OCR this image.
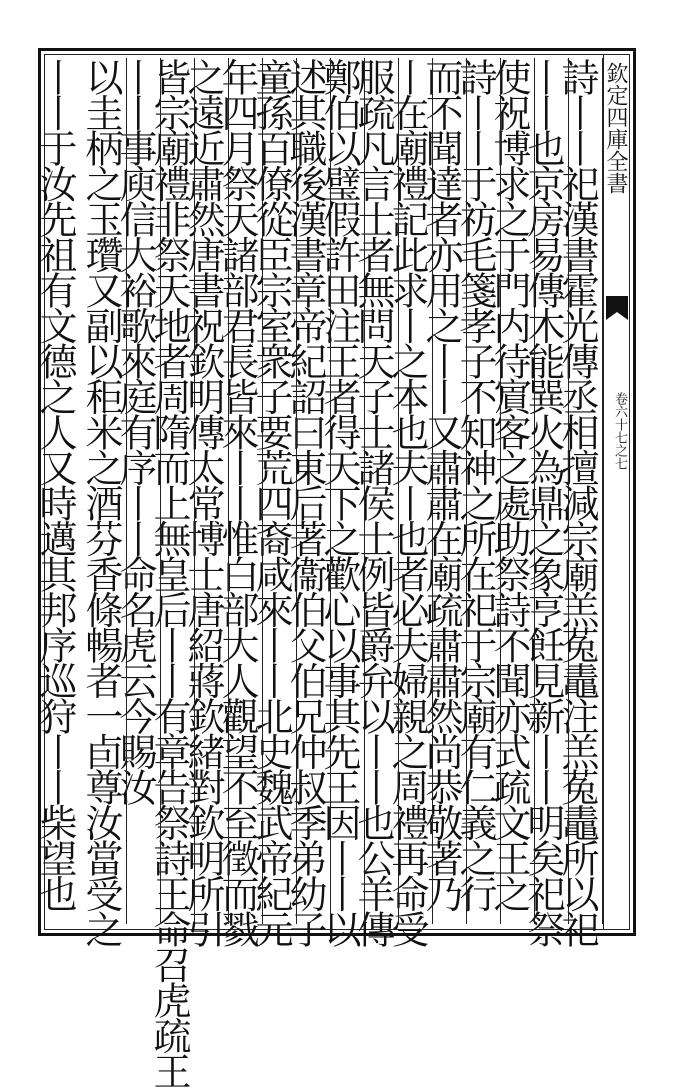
欽定四庫全書
卷六十七之七
詩丨丨祀漢書霍光傳丞相擅減宗廟羔菟鼃注羔菟鼃所以祀
丨丨也京房易傳木能巽火為鼎之象亨飪見新丨丨明矣祀祭
使祝博求之于門内待賔客之處助祭詩不聞亦式疏文王之
詩丨丨于祊毛箋孝子不知神之所在祀于宗廟有仁義之行
而不聞達者亦用之丨丨又肅肅在廟疏肅肅然尚恭敬著乃
丨在廟禮記此求丨之本也夫丨也者必夫婦親之周禮再命受
服疏凡言士者無問天子士諸侯士例皆爵弁以丨丨也公羊傳
鄭伯以璧假許田注王者得天下之歡心以事其先王因丨丨以
述其職後漢書章帝紀詔曰東后著衞伯父伯兄仲叔季弟幼子
童孫百僚從臣宗室衆子要荒四裔咸來丨丨北史魏武帝紀元
年四月祭天諸部君長皆來丨丨惟白部大人觀望不至徵而戮
之遠近肅然唐書祝欽明傳太常博士唐紹蔣欽緒對欽明所引
皆宗廟禮非祭天地者周隋而上無皇后丨丨有章告祭詩王命召虎疏王
丨丨事庾信大裕歌來庭有序丨丨命名虎云今賜汝
以圭柄之玉瓚又副以秬米之酒芬香條暢者一卣尊汝當受之
丨丨于汝先祖有文德之人又時邁其邦序巡狩丨丨柴望也
